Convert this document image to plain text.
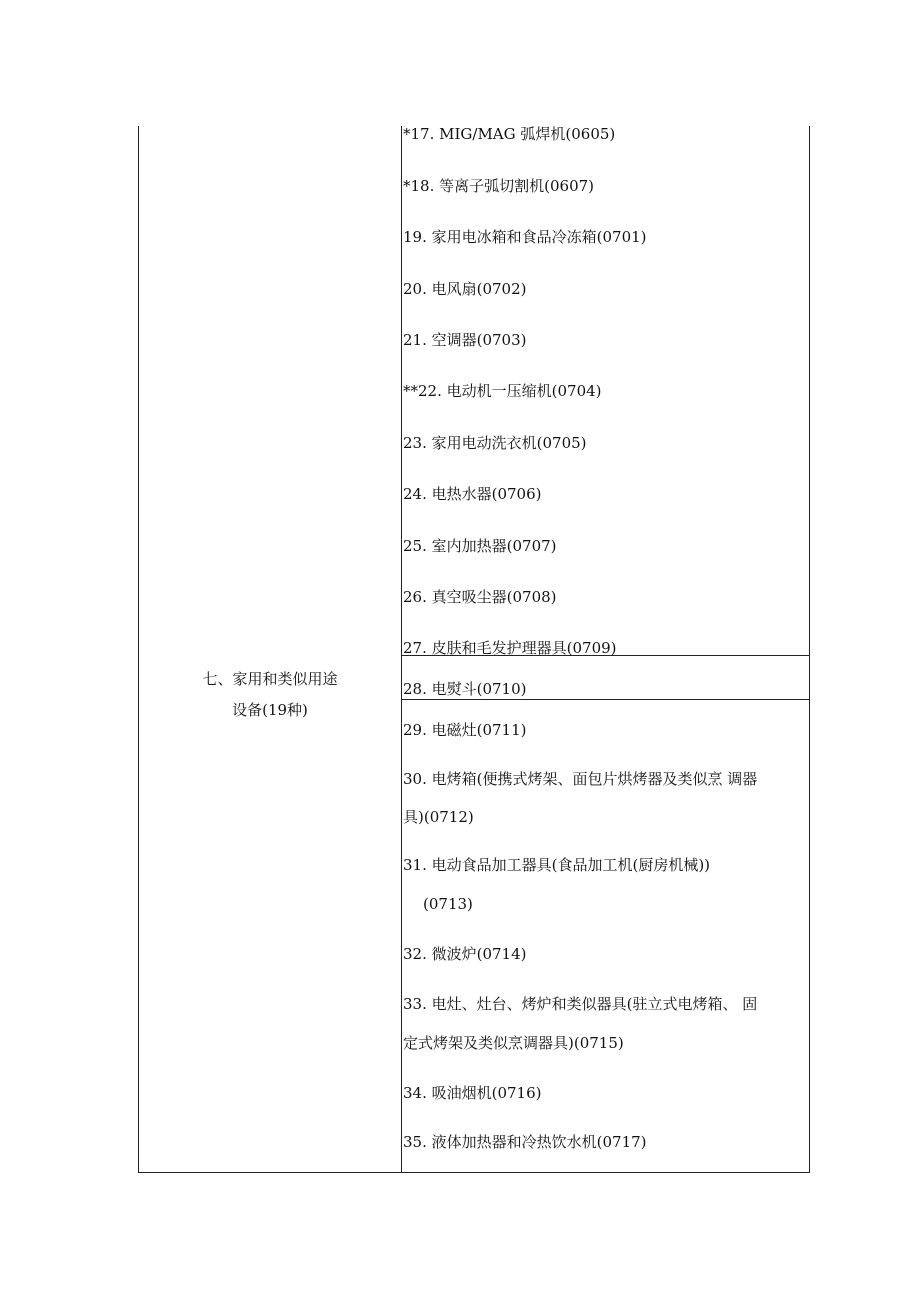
七、家用和类似用途
设备(19种)
*17. MIG/MAG 弧焊机(0605)
*18. 等离子弧切割机(0607)
19. 家用电冰箱和食品冷冻箱(0701)
20. 电风扇(0702)
21. 空调器(0703)
**22. 电动机一压缩机(0704)
23. 家用电动洗衣机(0705)
24. 电热水器(0706)
25. 室内加热器(0707)
26. 真空吸尘器(0708)
27. 皮肤和毛发护理器具(0709)
28. 电熨斗(0710)
29. 电磁灶(0711)
30. 电烤箱(便携式烤架、面包片烘烤器及类似烹 调器
具)(0712)
31. 电动食品加工器具(食品加工机(厨房机械))
(0713)
32. 微波炉(0714)
33. 电灶、灶台、烤炉和类似器具(驻立式电烤箱、 固
定式烤架及类似烹调器具)(0715)
34. 吸油烟机(0716)
35. 液体加热器和冷热饮水机(0717)
